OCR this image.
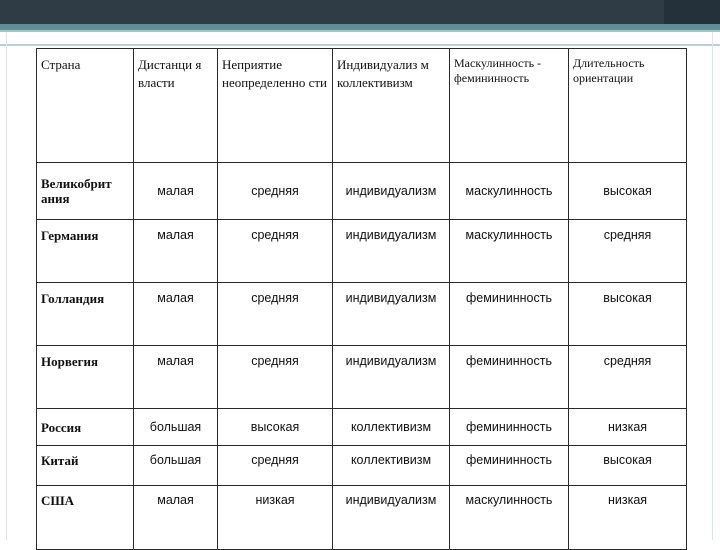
Страна	Дистанци я власти	Неприятие неопределенно сти	Индивидуализ м коллективизм	Маскулинность - фемининность	Длительность ориентации
Великобрит ания	малая	средняя	индивидуализм	маскулинность	высокая
Германия	малая	средняя	индивидуализм	маскулинность	средняя
Голландия	малая	средняя	индивидуализм	фемининность	высокая
Норвегия	малая	средняя	индивидуализм	фемининность	средняя
Россия	большая	высокая	коллективизм	фемининность	низкая
Китай	большая	средняя	коллективизм	фемининность	высокая
США	малая	низкая	индивидуализм	маскулинность	низкая
